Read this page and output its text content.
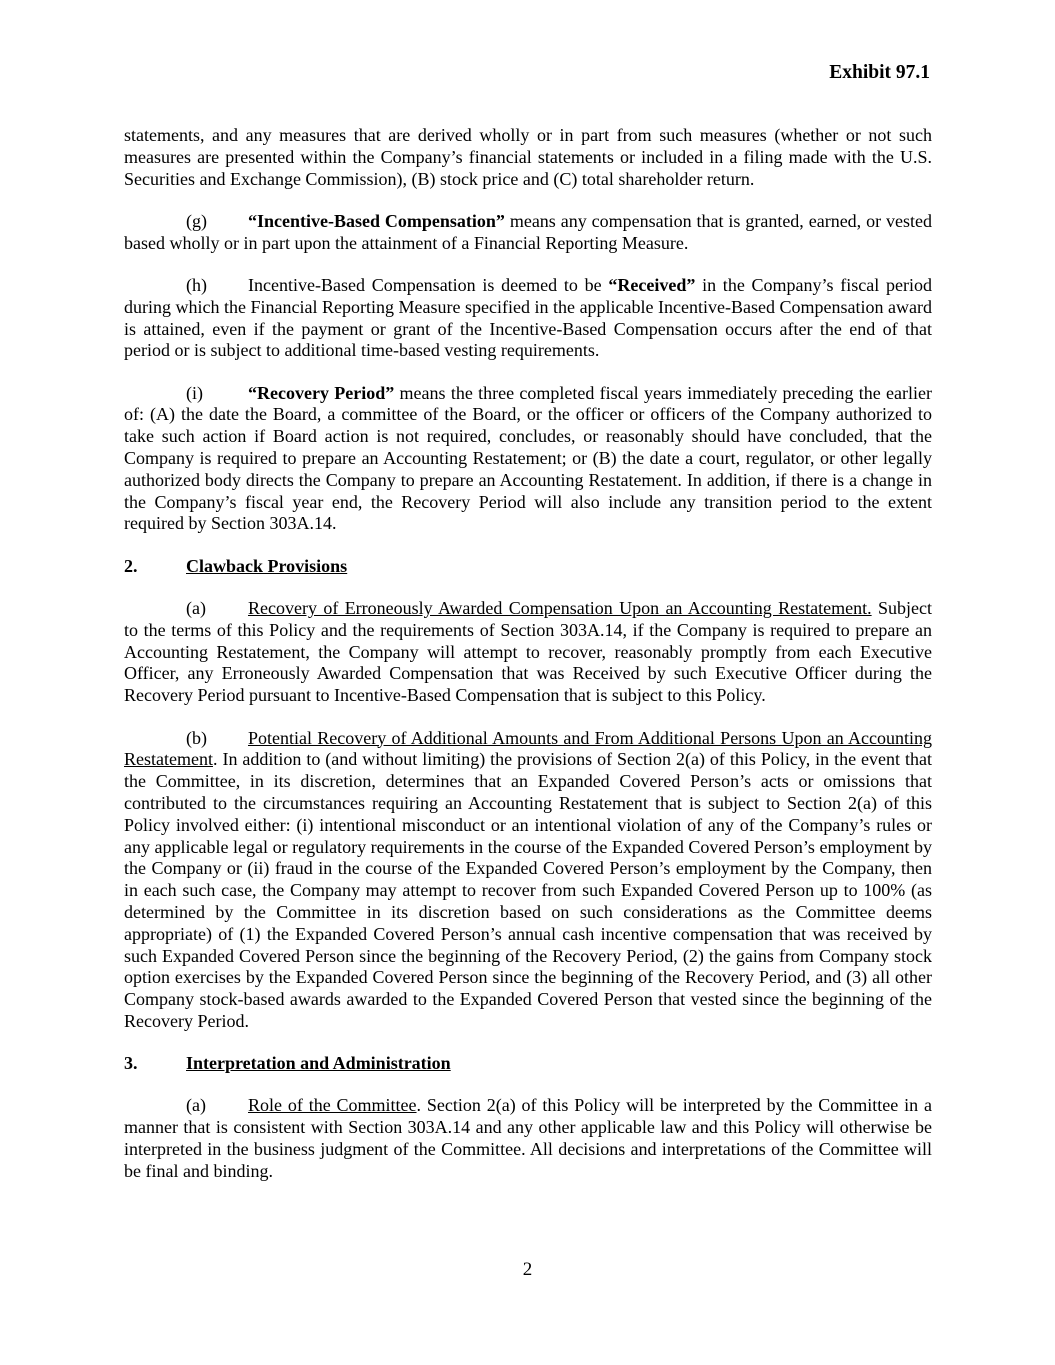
Exhibit 97.1

statements, and any measures that are derived wholly or in part from such measures (whether or not such measures are presented within the Company’s financial statements or included in a filing made with the U.S. Securities and Exchange Commission), (B) stock price and (C) total shareholder return.

(g) “Incentive-Based Compensation” means any compensation that is granted, earned, or vested based wholly or in part upon the attainment of a Financial Reporting Measure.

(h) Incentive-Based Compensation is deemed to be “Received” in the Company’s fiscal period during which the Financial Reporting Measure specified in the applicable Incentive-Based Compensation award is attained, even if the payment or grant of the Incentive-Based Compensation occurs after the end of that period or is subject to additional time-based vesting requirements.

(i)	“Recovery Period” means the three completed fiscal years immediately preceding the earlier of: (A) the date the Board, a committee of the Board, or the officer or officers of the Company authorized to take such action if Board action is not required, concludes, or reasonably should have concluded, that the Company is required to prepare an Accounting Restatement; or (B) the date a court, regulator, or other legally authorized body directs the Company to prepare an Accounting Restatement. In addition, if there is a change in the Company’s fiscal year end, the Recovery Period will also include any transition period to the extent required by Section 303A.14.

2.	Clawback Provisions

(a) Recovery of Erroneously Awarded Compensation Upon an Accounting Restatement. Subject to the terms of this Policy and the requirements of Section 303A.14, if the Company is required to prepare an Accounting Restatement, the Company will attempt to recover, reasonably promptly from each Executive Officer, any Erroneously Awarded Compensation that was Received by such Executive Officer during the Recovery Period pursuant to Incentive-Based Compensation that is subject to this Policy.

(b) Potential Recovery of Additional Amounts and From Additional Persons Upon an Accounting Restatement. In addition to (and without limiting) the provisions of Section 2(a) of this Policy, in the event that the Committee, in its discretion, determines that an Expanded Covered Person’s acts or omissions that contributed to the circumstances requiring an Accounting Restatement that is subject to Section 2(a) of this Policy involved either: (i) intentional misconduct or an intentional violation of any of the Company’s rules or any applicable legal or regulatory requirements in the course of the Expanded Covered Person’s employment by the Company or (ii) fraud in the course of the Expanded Covered Person’s employment by the Company, then in each such case, the Company may attempt to recover from such Expanded Covered Person up to 100% (as determined by the Committee in its discretion based on such considerations as the Committee deems appropriate) of (1) the Expanded Covered Person’s annual cash incentive compensation that was received by such Expanded Covered Person since the beginning of the Recovery Period, (2) the gains from Company stock option exercises by the Expanded Covered Person since the beginning of the Recovery Period, and (3) all other Company stock-based awards awarded to the Expanded Covered Person that vested since the beginning of the Recovery Period.

3.	Interpretation and Administration

(a) Role of the Committee. Section 2(a) of this Policy will be interpreted by the Committee in a manner that is consistent with Section 303A.14 and any other applicable law and this Policy will otherwise be interpreted in the business judgment of the Committee. All decisions and interpretations of the Committee will be final and binding.

2
